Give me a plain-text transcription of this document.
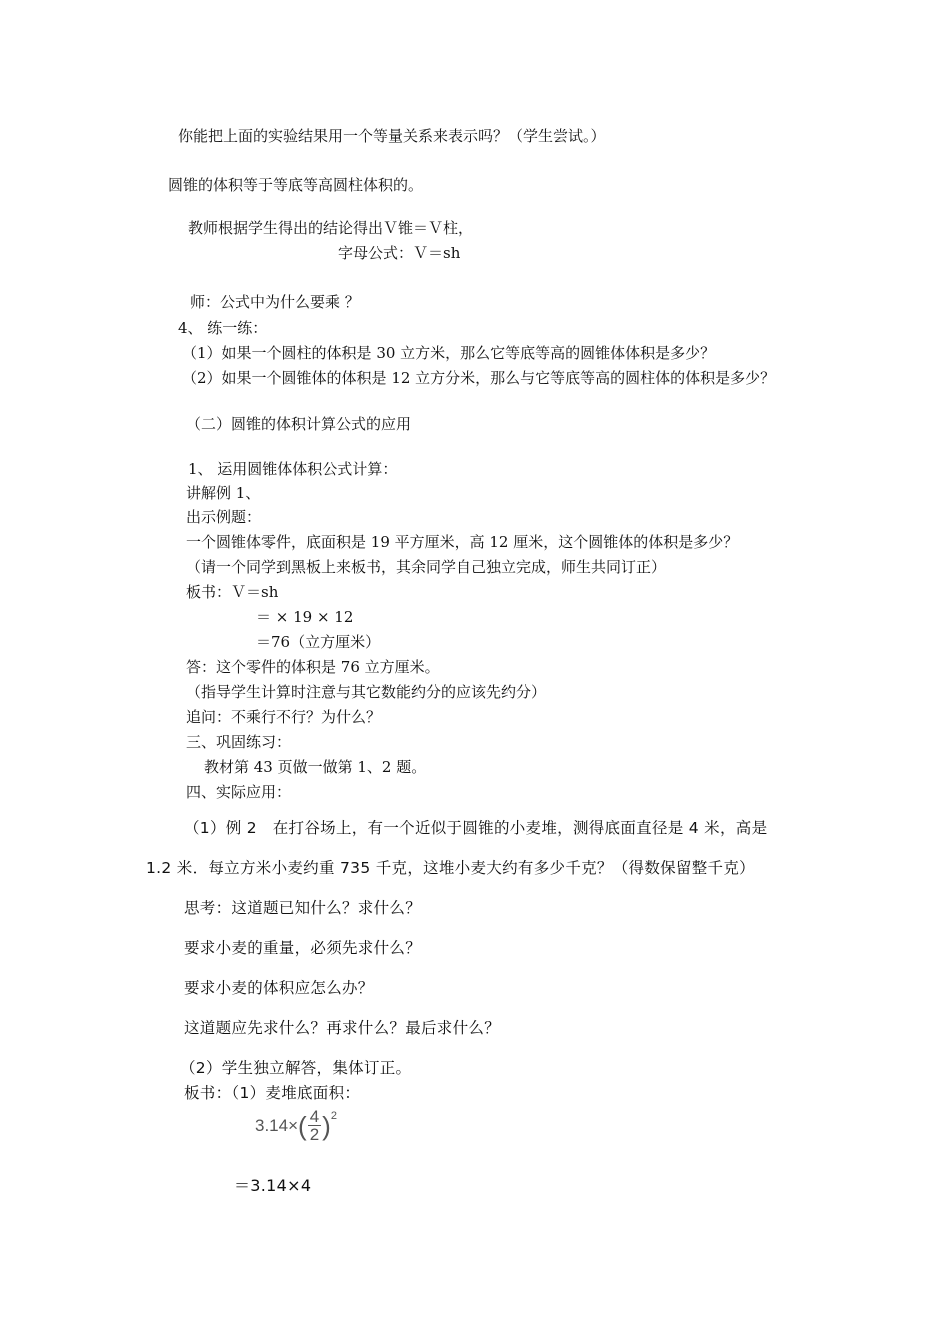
你能把上面的实验结果用一个等量关系来表示吗？（学生尝试。）
圆锥的体积等于等底等高圆柱体积的。
教师根据学生得出的结论得出Ｖ锥＝Ｖ柱，
字母公式：Ｖ＝sh
师：公式中为什么要乘 ？
4、 练一练：
（1）如果一个圆柱的体积是 30 立方米，那么它等底等高的圆锥体体积是多少？
（2）如果一个圆锥体的体积是 12 立方分米，那么与它等底等高的圆柱体的体积是多少？
（二）圆锥的体积计算公式的应用
1、 运用圆锥体体积公式计算：
讲解例 1、
出示例题：
一个圆锥体零件，底面积是 19 平方厘米，高 12 厘米，这个圆锥体的体积是多少？
（请一个同学到黑板上来板书，其余同学自己独立完成，师生共同订正）
板书：Ｖ＝sh
＝ × 19 × 12
＝76（立方厘米）
答：这个零件的体积是 76 立方厘米。
（指导学生计算时注意与其它数能约分的应该先约分）
追问：不乘行不行？为什么？
三、巩固练习：
教材第 43 页做一做第 1、2 题。
四、实际应用：
（1）例 2　在打谷场上，有一个近似于圆锥的小麦堆，测得底面直径是 4 米，高是
1.2 米．每立方米小麦约重 735 千克，这堆小麦大约有多少千克？（得数保留整千克）
思考：这道题已知什么？求什么？
要求小麦的重量，必须先求什么？
要求小麦的体积应怎么办？
这道题应先求什么？再求什么？最后求什么？
（2）学生独立解答，集体订正。
板书：（1）麦堆底面积：
3.14× ( $\frac{4}{2}$ ) 2
＝3.14×4
